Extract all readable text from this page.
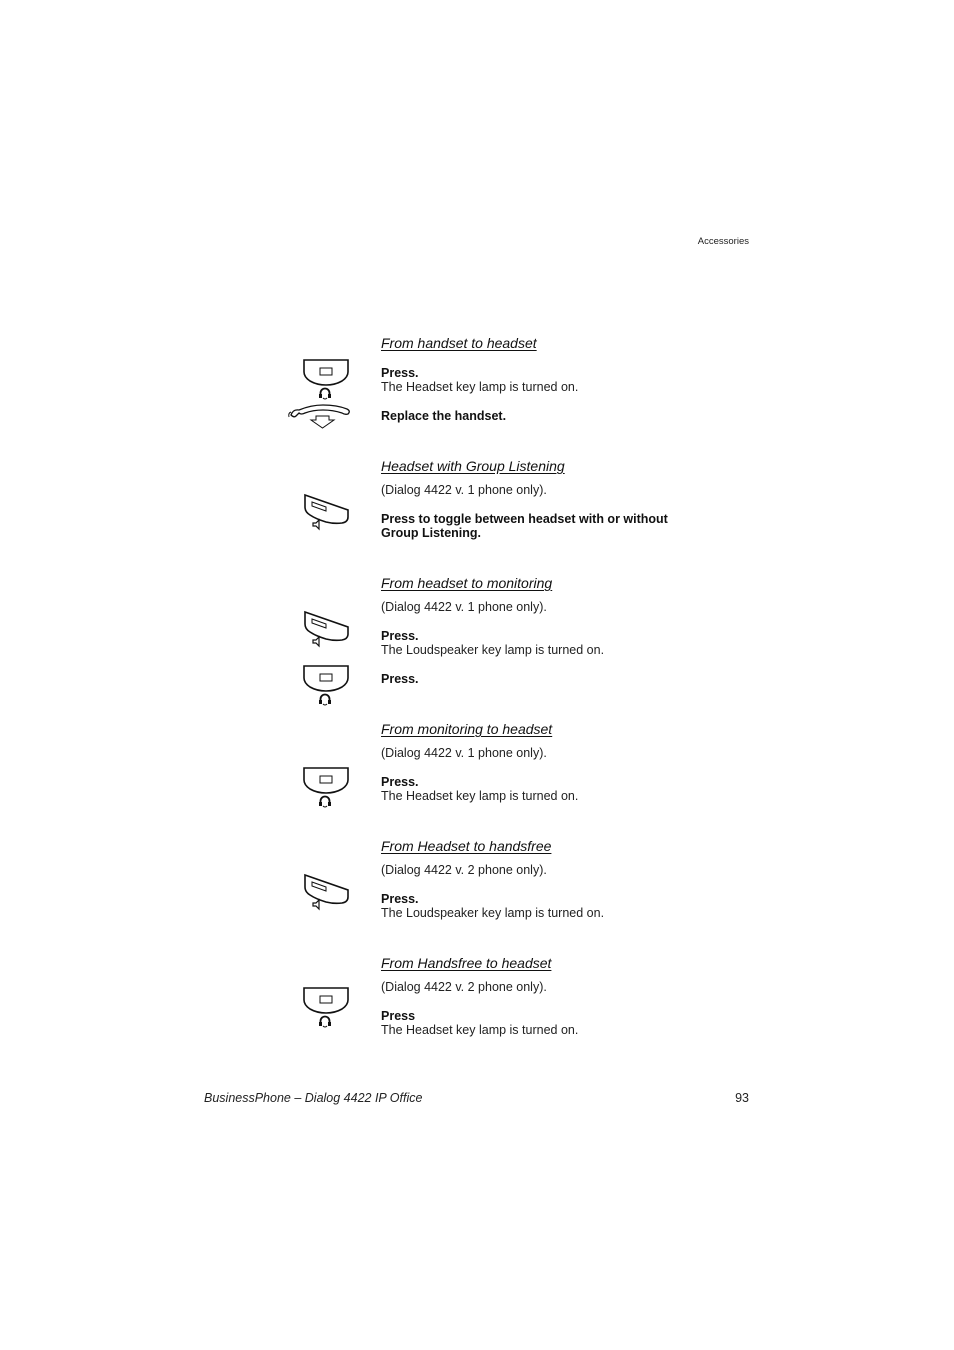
Accessories
From handset to headset
Press.
The Headset key lamp is turned on.
Replace the handset.
Headset with Group Listening
(Dialog 4422 v. 1 phone only).
Press to toggle between headset with or without
Group Listening.
From headset to monitoring
(Dialog 4422 v. 1 phone only).
Press.
The Loudspeaker key lamp is turned on.
Press.
From monitoring to headset
(Dialog 4422 v. 1 phone only).
Press.
The Headset key lamp is turned on.
From Headset to handsfree
(Dialog 4422 v. 2 phone only).
Press.
The Loudspeaker key lamp is turned on.
From Handsfree to headset
(Dialog 4422 v. 2 phone only).
Press
The Headset key lamp is turned on.
BusinessPhone – Dialog 4422 IP Office	93
